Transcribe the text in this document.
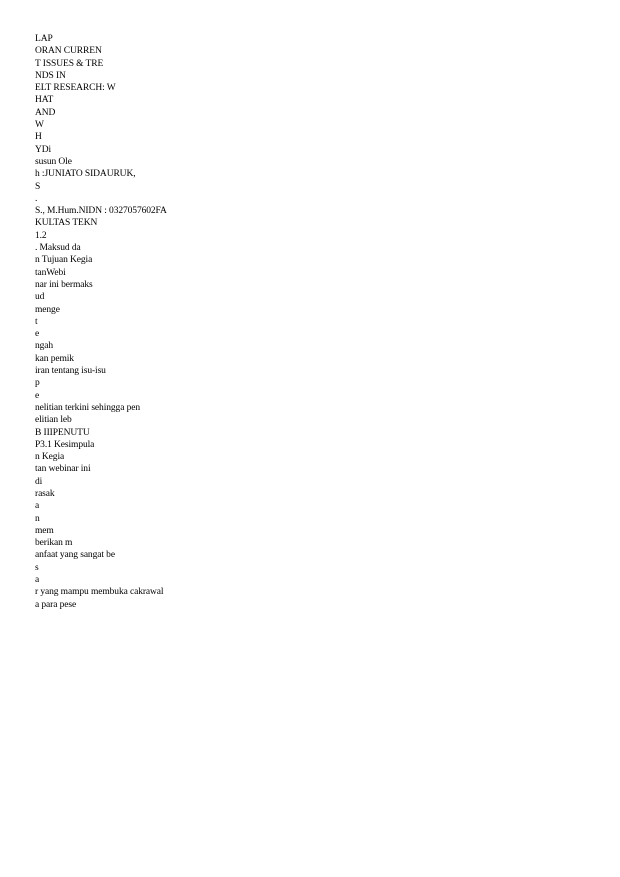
LAP
ORAN CURREN
T ISSUES & TRE
NDS IN
ELT RESEARCH: W
HAT
AND
W
H
YDi
susun Ole
h :JUNIATO SIDAURUK,
S
.
S., M.Hum.NIDN : 0327057602FA
KULTAS TEKN
1.2
. Maksud da
n Tujuan Kegia
tanWebi
nar ini bermaks
ud
menge
t
e
ngah
kan pemik
iran tentang isu-isu
p
e
nelitian terkini sehingga pen
elitian leb
B IIIPENUTU
P3.1 Kesimpula
n Kegia
tan webinar ini
di
rasak
a
n
mem
berikan m
anfaat yang sangat be
s
a
r yang mampu membuka cakrawal
a para pese
